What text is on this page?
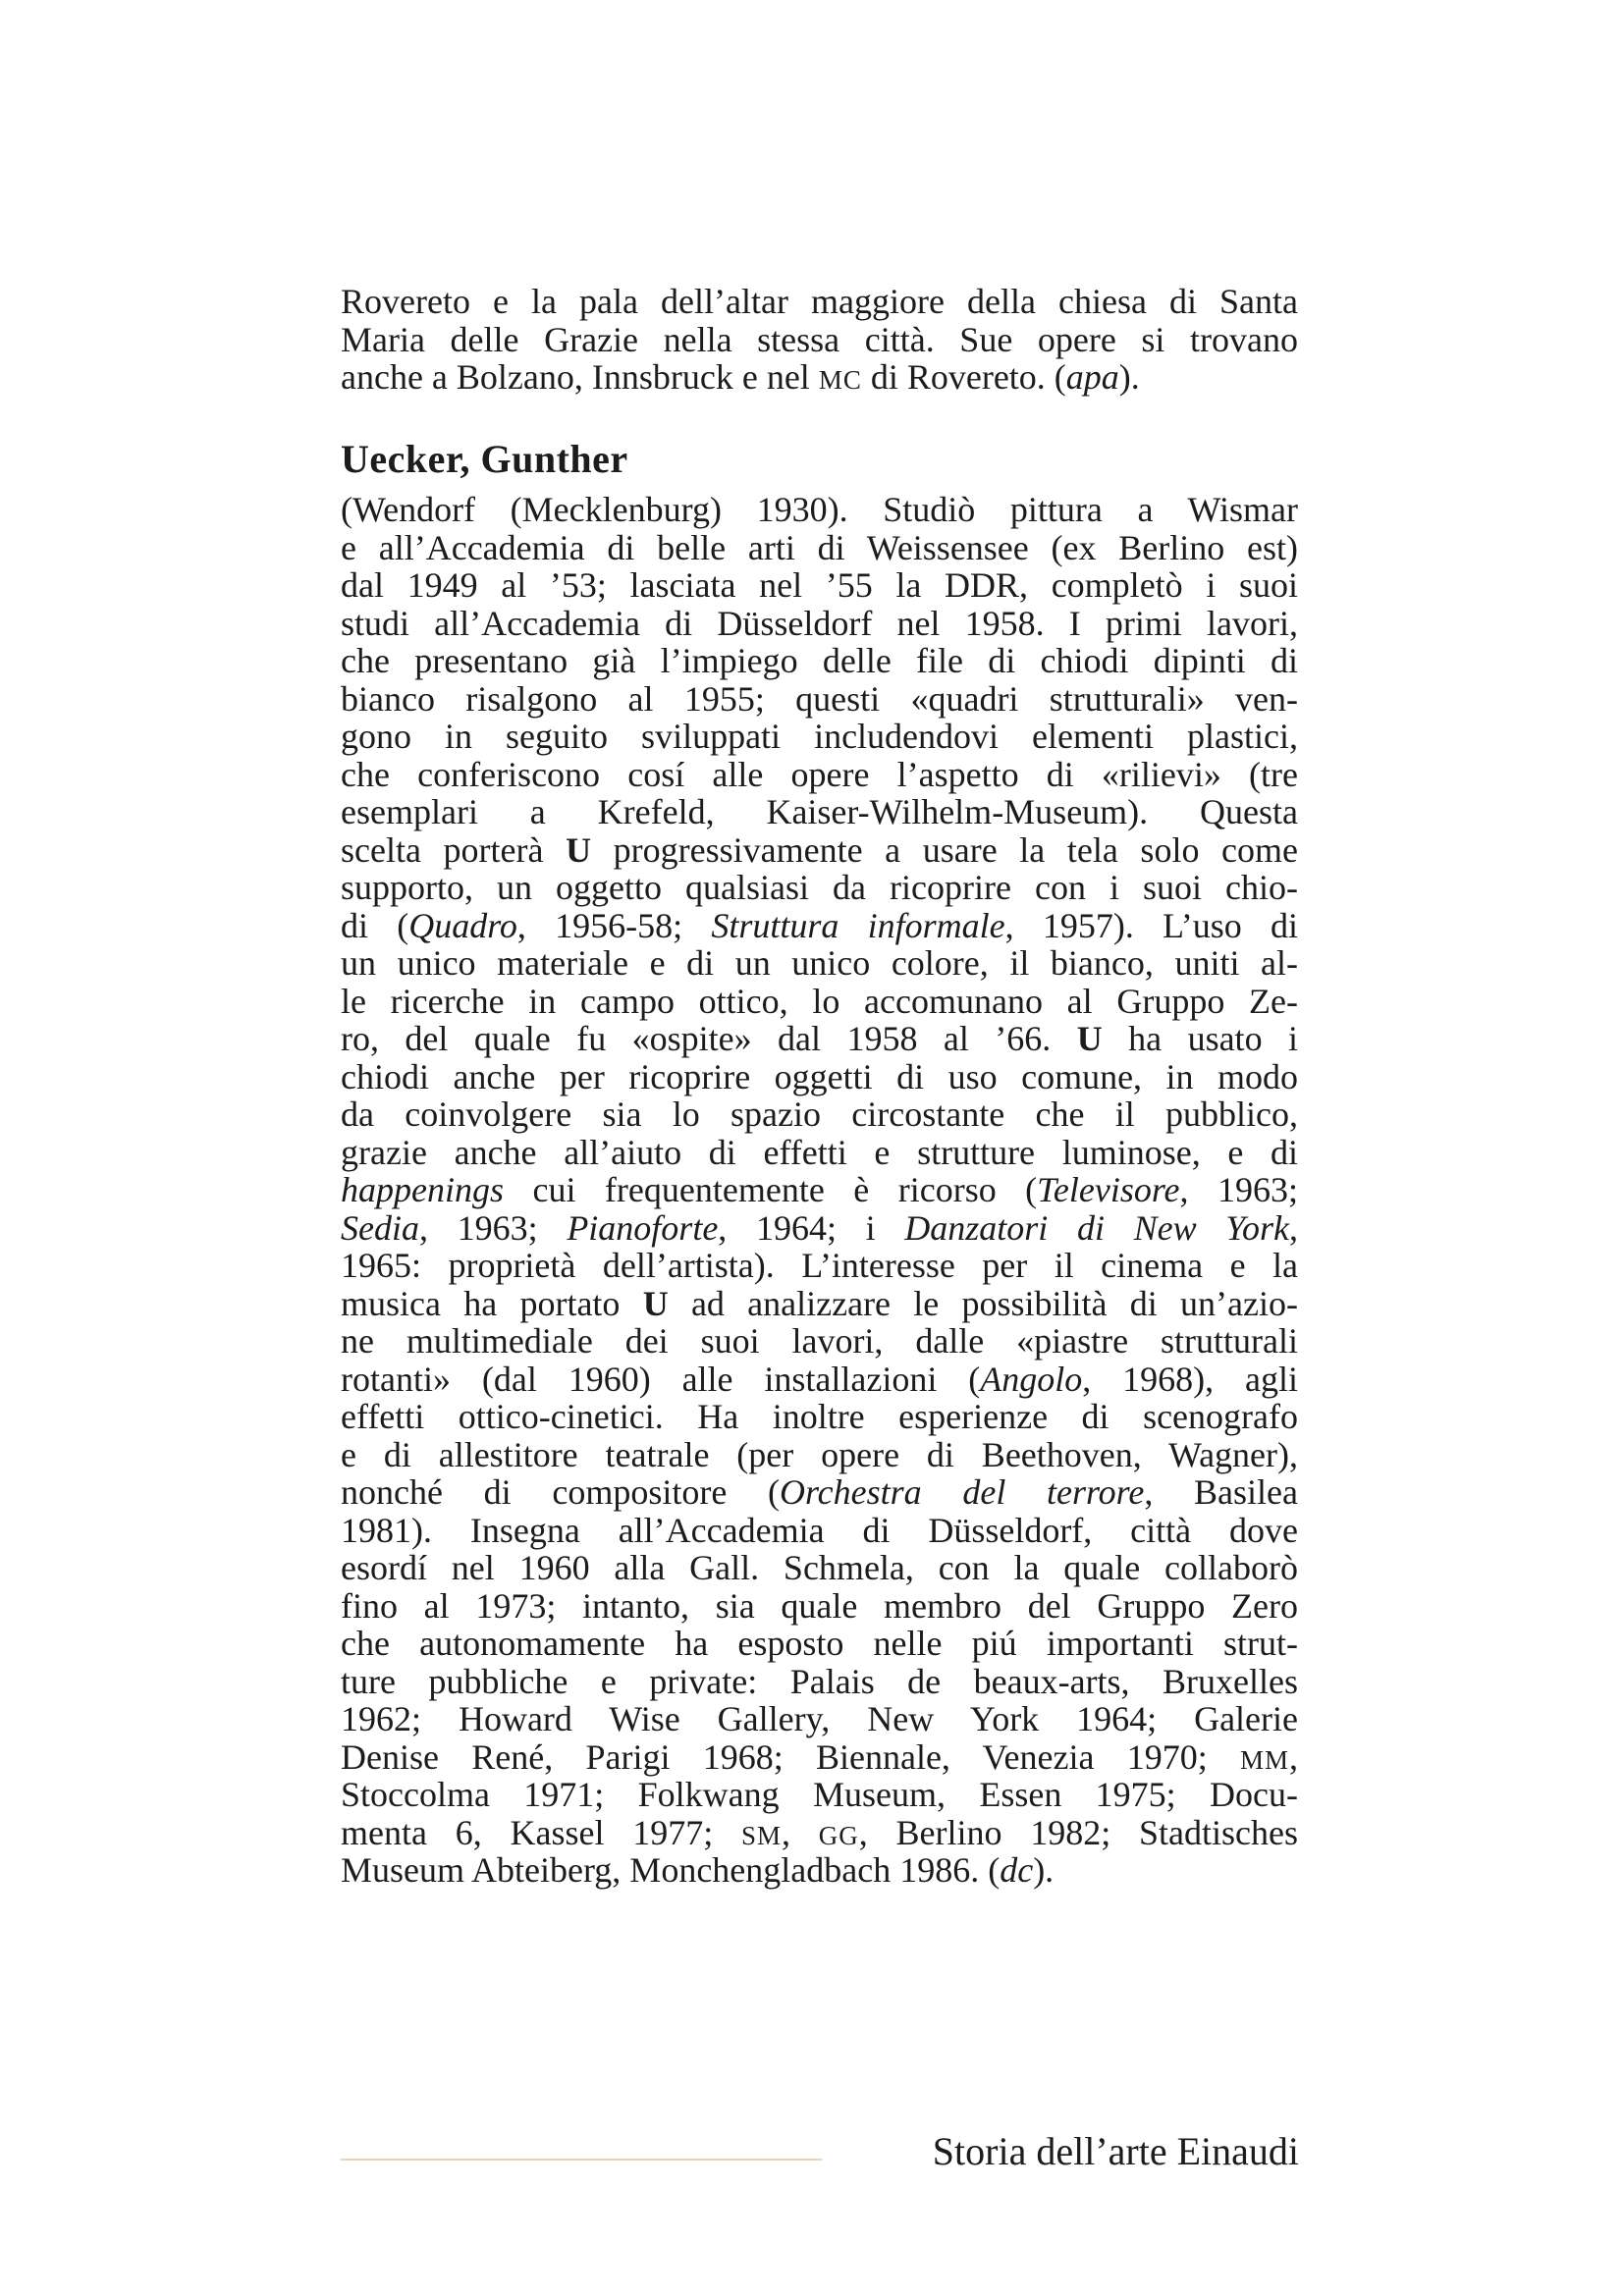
Rovereto e la pala dell’altar maggiore della chiesa di Santa
Maria delle Grazie nella stessa città. Sue opere si trovano
anche a Bolzano, Innsbruck e nel MC di Rovereto. (apa).
Uecker, Gunther
(Wendorf (Mecklenburg) 1930). Studiò pittura a Wismar
e all’Accademia di belle arti di Weissensee (ex Berlino est)
dal 1949 al ’53; lasciata nel ’55 la DDR, completò i suoi
studi all’Accademia di Düsseldorf nel 1958. I primi lavori,
che presentano già l’impiego delle file di chiodi dipinti di
bianco risalgono al 1955; questi «quadri strutturali» ven-
gono in seguito sviluppati includendovi elementi plastici,
che conferiscono cosí alle opere l’aspetto di «rilievi» (tre
esemplari a Krefeld, Kaiser-Wilhelm-Museum). Questa
scelta porterà U progressivamente a usare la tela solo come
supporto, un oggetto qualsiasi da ricoprire con i suoi chio-
di (Quadro, 1956-58; Struttura informale, 1957). L’uso di
un unico materiale e di un unico colore, il bianco, uniti al-
le ricerche in campo ottico, lo accomunano al Gruppo Ze-
ro, del quale fu «ospite» dal 1958 al ’66. U ha usato i
chiodi anche per ricoprire oggetti di uso comune, in modo
da coinvolgere sia lo spazio circostante che il pubblico,
grazie anche all’aiuto di effetti e strutture luminose, e di
happenings cui frequentemente è ricorso (Televisore, 1963;
Sedia, 1963; Pianoforte, 1964; i Danzatori di New York,
1965: proprietà dell’artista). L’interesse per il cinema e la
musica ha portato U ad analizzare le possibilità di un’azio-
ne multimediale dei suoi lavori, dalle «piastre strutturali
rotanti» (dal 1960) alle installazioni (Angolo, 1968), agli
effetti ottico-cinetici. Ha inoltre esperienze di scenografo
e di allestitore teatrale (per opere di Beethoven, Wagner),
nonché di compositore (Orchestra del terrore, Basilea
1981). Insegna all’Accademia di Düsseldorf, città dove
esordí nel 1960 alla Gall. Schmela, con la quale collaborò
fino al 1973; intanto, sia quale membro del Gruppo Zero
che autonomamente ha esposto nelle piú importanti strut-
ture pubbliche e private: Palais de beaux-arts, Bruxelles
1962; Howard Wise Gallery, New York 1964; Galerie
Denise René, Parigi 1968; Biennale, Venezia 1970; MM,
Stoccolma 1971; Folkwang Museum, Essen 1975; Docu-
menta 6, Kassel 1977; SM, GG, Berlino 1982; Stadtisches
Museum Abteiberg, Monchengladbach 1986. (dc).
Storia dell’arte Einaudi
